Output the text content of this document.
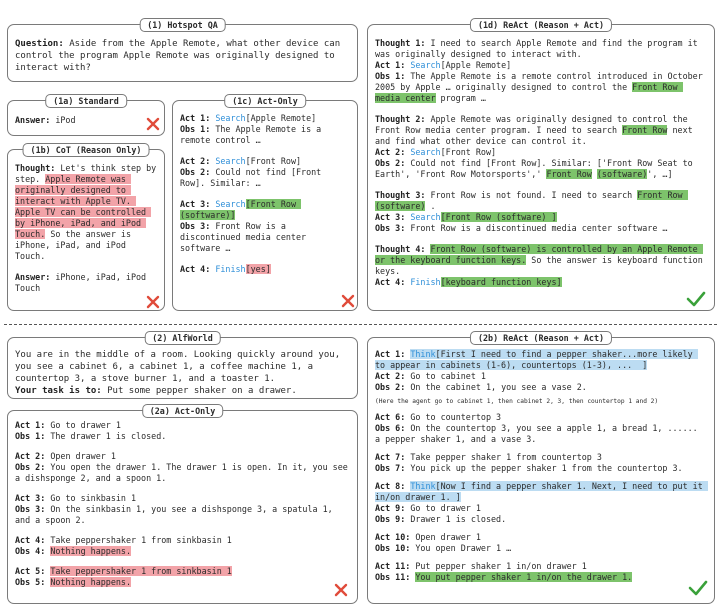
(1) Hotspot QA
Question: Aside from the Apple Remote, what other device can control the program Apple Remote was originally designed to interact with?
(1a) Standard
Answer: iPod
(1b) CoT (Reason Only)
Thought: Let's think step by step. Apple Remote was originally designed to interact with Apple TV. Apple TV can be controlled by iPhone, iPad, and iPod Touch. So the answer is iPhone, iPad, and iPod Touch.
Answer: iPhone, iPad, iPod Touch
(1c) Act-Only
Act 1: Search[Apple Remote]
Obs 1: The Apple Remote is a remote control …
Act 2: Search[Front Row]
Obs 2: Could not find [Front Row]. Similar: …
Act 3: Search[Front Row (software)]
Obs 3: Front Row is a discontinued media center software …
Act 4: Finish[yes]
(1d) ReAct (Reason + Act)
Thought 1: I need to search Apple Remote and find the program it was originally designed to interact with.
Act 1: Search[Apple Remote]
Obs 1: The Apple Remote is a remote control introduced in October 2005 by Apple … originally designed to control the Front Row media center program …
Thought 2: Apple Remote was originally designed to control the Front Row media center program. I need to search Front Row next and find what other device can control it.
Act 2: Search[Front Row]
Obs 2: Could not find [Front Row]. Similar: ['Front Row Seat to Earth', 'Front Row Motorsports',' Front Row (software)', …]
Thought 3: Front Row is not found. I need to search Front Row (software) .
Act 3: Search[Front Row (software) ]
Obs 3: Front Row is a discontinued media center software …
Thought 4: Front Row (software) is controlled by an Apple Remote or the keyboard function keys. So the answer is keyboard function keys.
Act 4: Finish[keyboard function keys]
(2) AlfWorld
You are in the middle of a room. Looking quickly around you, you see a cabinet 6, a cabinet 1, a coffee machine 1, a countertop 3, a stove burner 1, and a toaster 1.
Your task is to: Put some pepper shaker on a drawer.
(2a) Act-Only
Act 1: Go to drawer 1
Obs 1: The drawer 1 is closed.
Act 2: Open drawer 1
Obs 2: You open the drawer 1. The drawer 1 is open. In it, you see a dishsponge 2, and a spoon 1.
Act 3: Go to sinkbasin 1
Obs 3: On the sinkbasin 1, you see a dishsponge 3, a spatula 1, and a spoon 2.
Act 4: Take peppershaker 1 from sinkbasin 1
Obs 4: Nothing happens.
Act 5: Take peppershaker 1 from sinkbasin 1
Obs 5: Nothing happens.
(2b) ReAct (Reason + Act)
Act 1: Think[First I need to find a pepper shaker...more likely to appear in cabinets (1-6), countertops (1-3), ...  ]
Act 2: Go to cabinet 1
Obs 2: On the cabinet 1, you see a vase 2.
(Here the agent go to cabinet 1, then cabinet 2, 3, then countertop 1 and 2)
Act 6: Go to countertop 3
Obs 6: On the countertop 3, you see a apple 1, a bread 1, ...... a pepper shaker 1, and a vase 3.
Act 7: Take pepper shaker 1 from countertop 3
Obs 7: You pick up the pepper shaker 1 from the countertop 3.
Act 8: Think[Now I find a pepper shaker 1. Next, I need to put it in/on drawer 1. ]
Act 9: Go to drawer 1
Obs 9: Drawer 1 is closed.
Act 10: Open drawer 1
Obs 10: You open Drawer 1 …
Act 11: Put pepper shaker 1 in/on drawer 1
Obs 11: You put pepper shaker 1 in/on the drawer 1.
